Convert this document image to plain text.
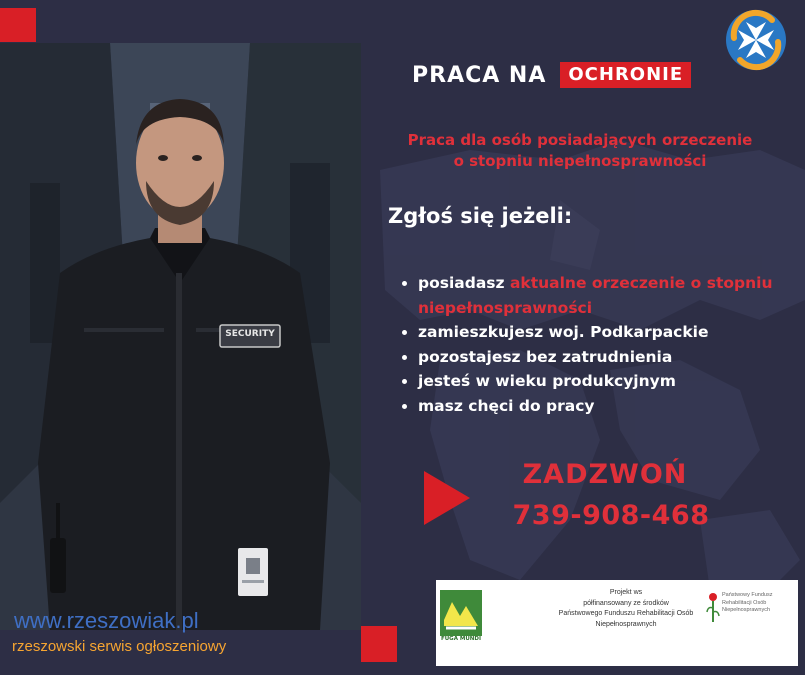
SECURITY
PRACA NA	OCHRONIE
Praca dla osób posiadających orzeczenie
o stopniu niepełnosprawności
Zgłoś się jeżeli:
posiadasz aktualne orzeczenie o stopniu niepełnosprawności
zamieszkujesz woj. Podkarpackie
pozostajesz bez zatrudnienia
jesteś w wieku produkcyjnym
masz chęci do pracy
ZADZWOŃ
739-908-468
FUGA MUNDI
Projekt ws
półfinansowany ze środków
Państwowego Funduszu Rehabilitacji Osób
Niepełnosprawnych
Państwowy Fundusz Rehabilitacji Osób Niepełnosprawnych
www.rzeszowiak.pl
rzeszowski serwis ogłoszeniowy
